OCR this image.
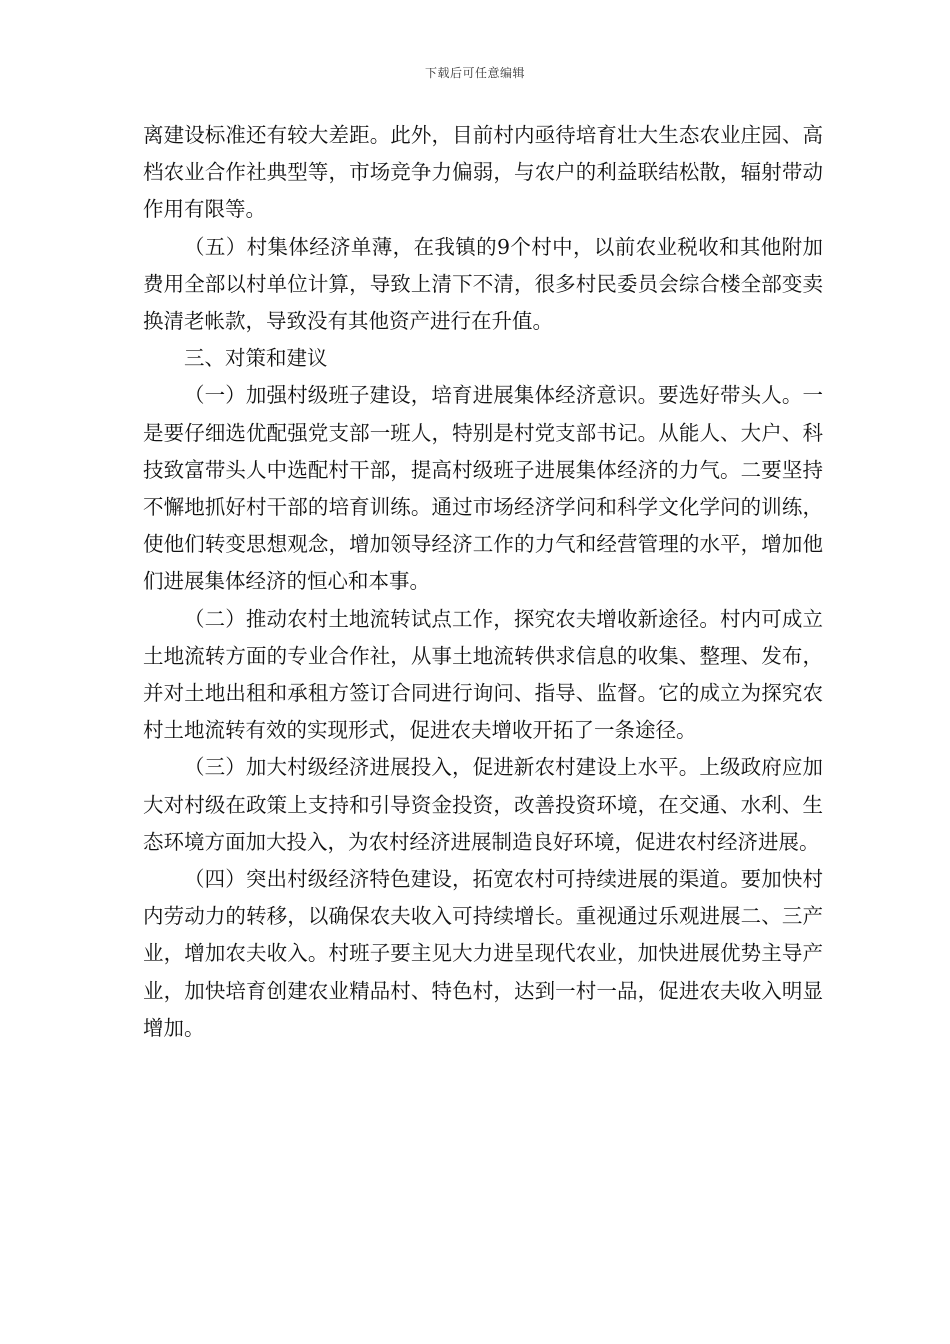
下载后可任意编辑

离建设标准还有较大差距。此外，目前村内亟待培育壮大生态农业庄园、高档农业合作社典型等，市场竞争力偏弱，与农户的利益联结松散，辐射带动作用有限等。

（五）村集体经济单薄，在我镇的9个村中，以前农业税收和其他附加费用全部以村单位计算，导致上清下不清，很多村民委员会综合楼全部变卖换清老帐款，导致没有其他资产进行在升值。

三、对策和建议

（一）加强村级班子建设，培育进展集体经济意识。要选好带头人。一是要仔细选优配强党支部一班人，特别是村党支部书记。从能人、大户、科技致富带头人中选配村干部，提高村级班子进展集体经济的力气。二要坚持不懈地抓好村干部的培育训练。通过市场经济学问和科学文化学问的训练，使他们转变思想观念，增加领导经济工作的力气和经营管理的水平，增加他们进展集体经济的恒心和本事。

（二）推动农村土地流转试点工作，探究农夫增收新途径。村内可成立土地流转方面的专业合作社，从事土地流转供求信息的收集、整理、发布，并对土地出租和承租方签订合同进行询问、指导、监督。它的成立为探究农村土地流转有效的实现形式，促进农夫增收开拓了一条途径。

（三）加大村级经济进展投入，促进新农村建设上水平。上级政府应加大对村级在政策上支持和引导资金投资，改善投资环境，在交通、水利、生态环境方面加大投入，为农村经济进展制造良好环境，促进农村经济进展。

（四）突出村级经济特色建设，拓宽农村可持续进展的渠道。要加快村内劳动力的转移，以确保农夫收入可持续增长。重视通过乐观进展二、三产业，增加农夫收入。村班子要主见大力进呈现代农业，加快进展优势主导产业，加快培育创建农业精品村、特色村，达到一村一品，促进农夫收入明显增加。
